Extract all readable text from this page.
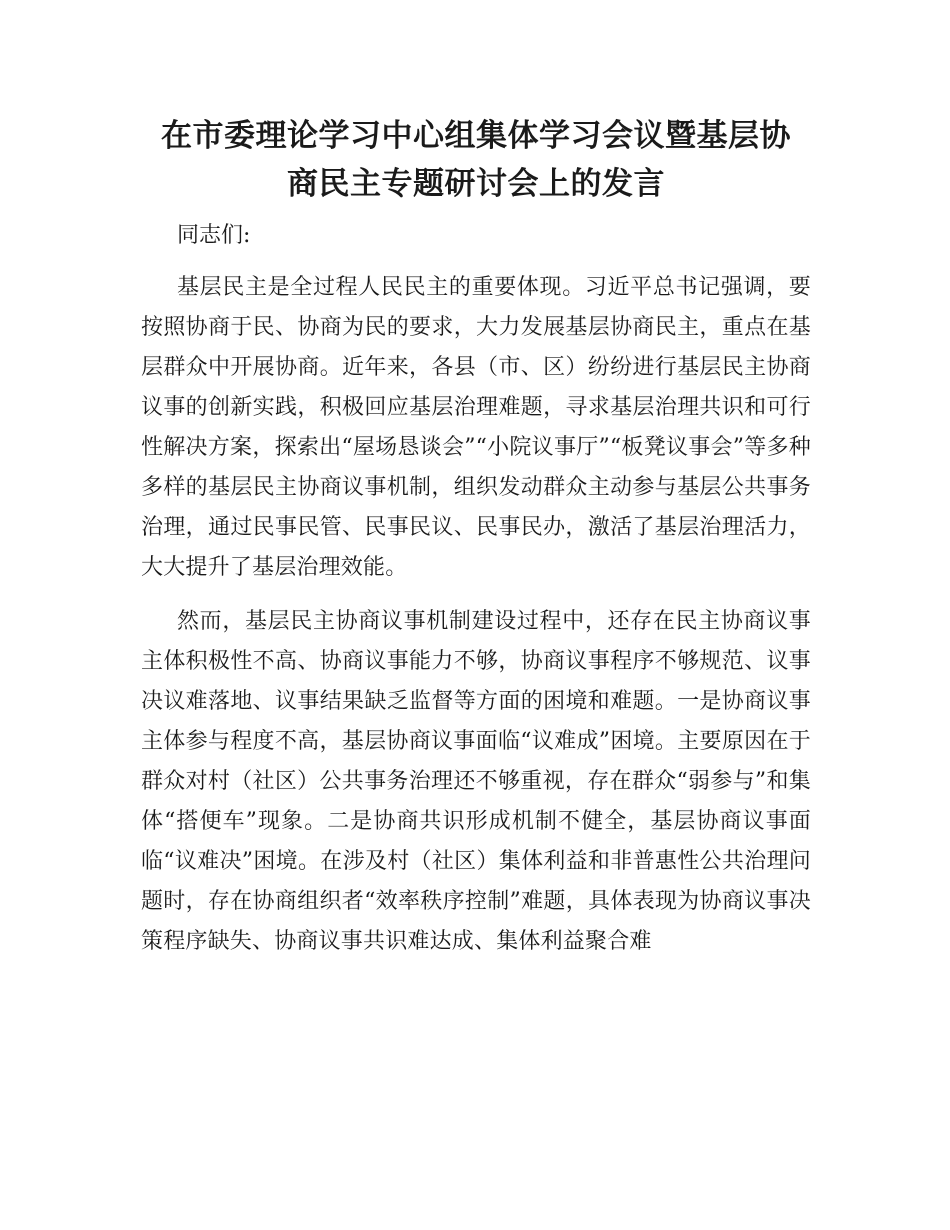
在市委理论学习中心组集体学习会议暨基层协
商民主专题研讨会上的发言

同志们:

基层民主是全过程人民民主的重要体现。习近平总书记强调，要按照协商于民、协商为民的要求，大力发展基层协商民主，重点在基层群众中开展协商。近年来，各县（市、区）纷纷进行基层民主协商议事的创新实践，积极回应基层治理难题，寻求基层治理共识和可行性解决方案，探索出“屋场恳谈会”“小院议事厅”“板凳议事会”等多种多样的基层民主协商议事机制，组织发动群众主动参与基层公共事务治理，通过民事民管、民事民议、民事民办，激活了基层治理活力，大大提升了基层治理效能。

然而，基层民主协商议事机制建设过程中，还存在民主协商议事主体积极性不高、协商议事能力不够，协商议事程序不够规范、议事决议难落地、议事结果缺乏监督等方面的困境和难题。一是协商议事主体参与程度不高，基层协商议事面临“议难成”困境。主要原因在于群众对村（社区）公共事务治理还不够重视，存在群众“弱参与”和集体“搭便车”现象。二是协商共识形成机制不健全，基层协商议事面临“议难决”困境。在涉及村（社区）集体利益和非普惠性公共治理问题时，存在协商组织者“效率秩序控制”难题，具体表现为协商议事决策程序缺失、协商议事共识难达成、集体利益聚合难
